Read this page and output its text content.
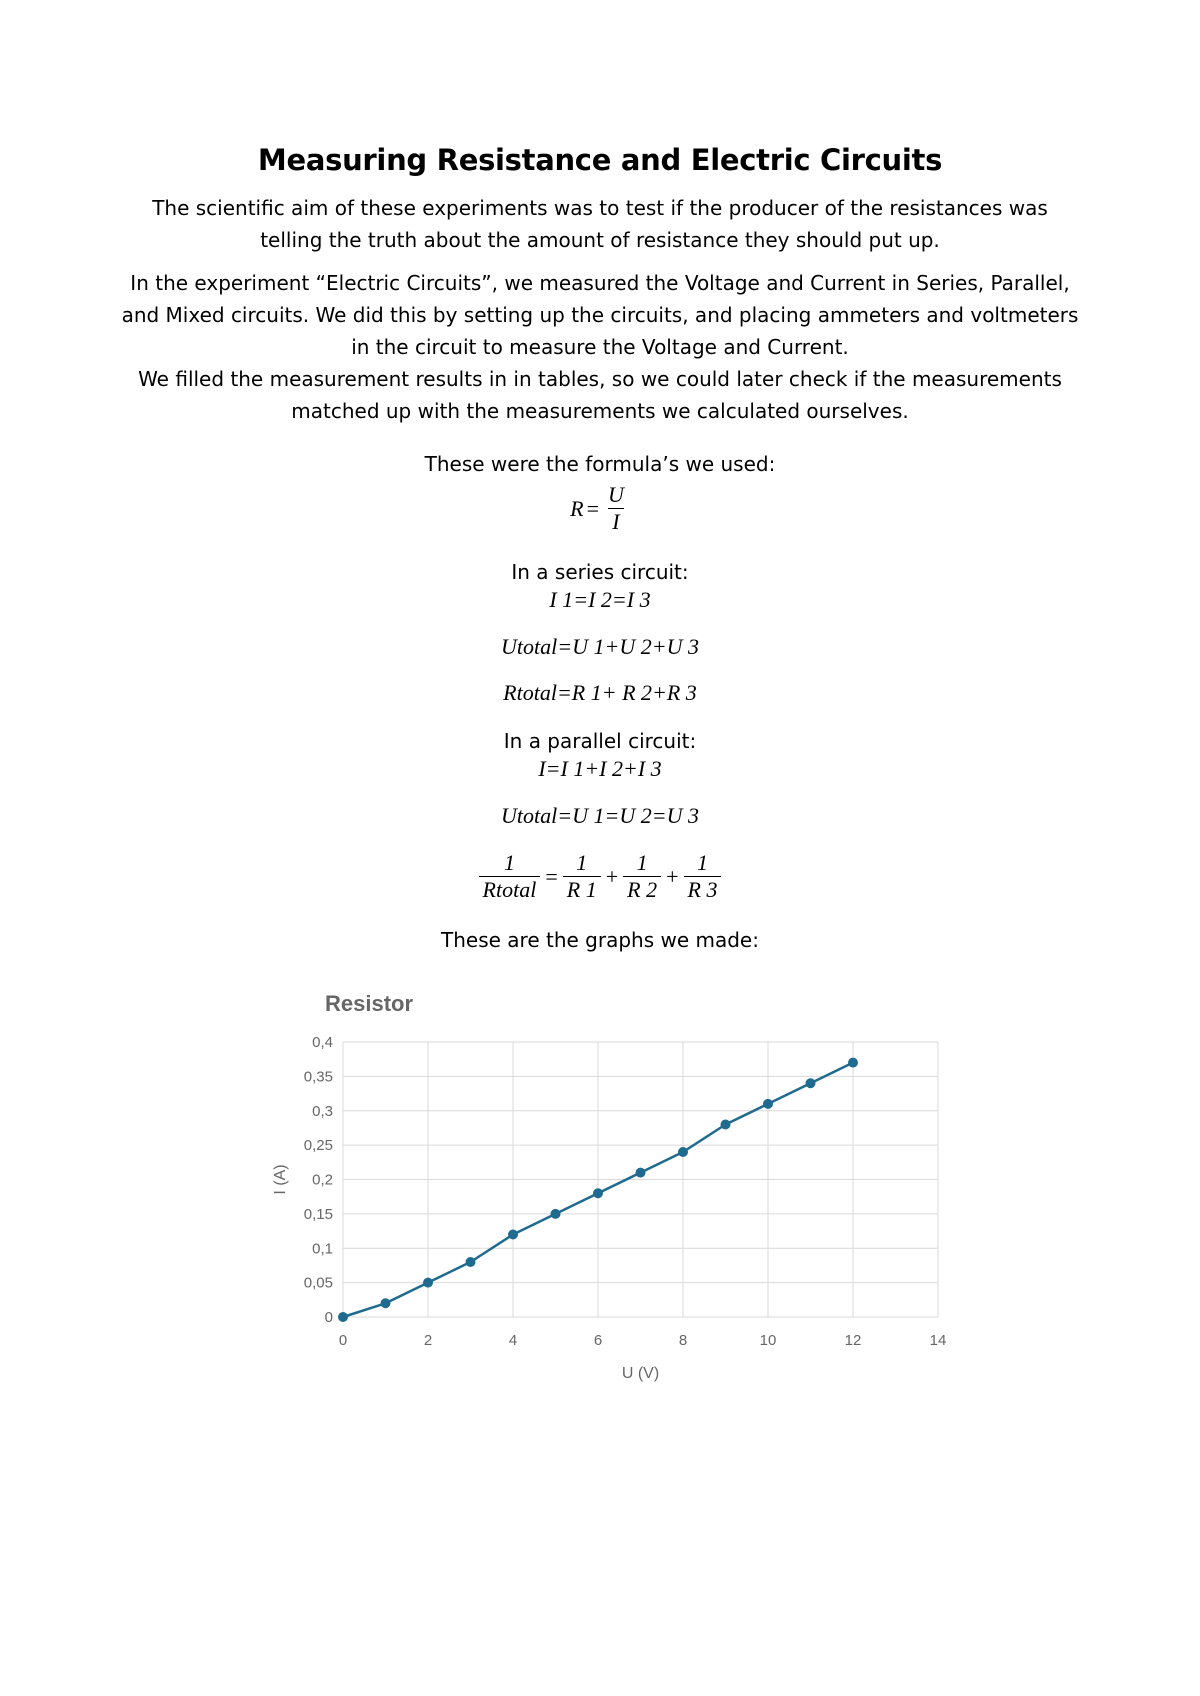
Measuring Resistance and Electric Circuits
The scientific aim of these experiments was to test if the producer of the resistances was telling the truth about the amount of resistance they should put up.
In the experiment “Electric Circuits”, we measured the Voltage and Current in Series, Parallel, and Mixed circuits. We did this by setting up the circuits, and placing ammeters and voltmeters in the circuit to measure the Voltage and Current.
We filled the measurement results in in tables, so we could later check if the measurements matched up with the measurements we calculated ourselves.
These were the formula’s we used:
$R = \frac{U}{I}$
In a series circuit:
I 1=I 2=I 3
Utotal=U 1+U 2+U 3
Rtotal=R 1+ R 2+R 3
In a parallel circuit:
I=I 1+I 2+I 3
Utotal=U 1=U 2=U 3
$\frac{1}{\text{Rtotal}} = \frac{1}{R 1} + \frac{1}{R 2} + \frac{1}{R 3}$
These are the graphs we made:
Resistor
0	2	4	6	8	10	12	14
0
0,05
0,1
0,15
0,2
0,25
0,3
0,35
0,4
U (V)
I (A)
